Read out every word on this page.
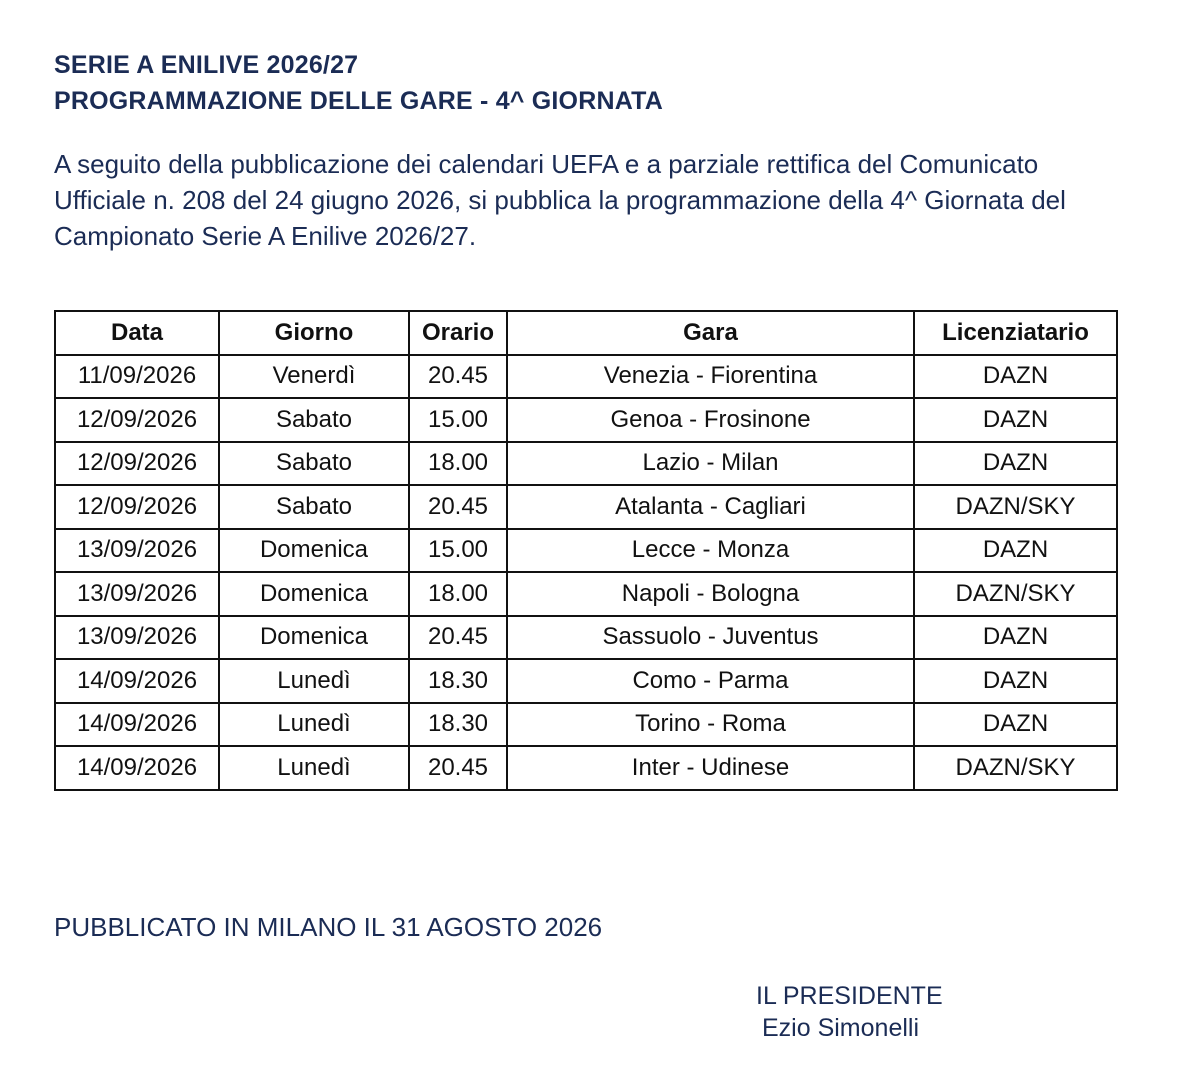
SERIE A ENILIVE 2026/27
PROGRAMMAZIONE DELLE GARE - 4^ GIORNATA

A seguito della pubblicazione dei calendari UEFA e a parziale rettifica del Comunicato

Ufficiale n. 208 del 24 giugno 2026, si pubblica la programmazione della 4^ Giornata del

Campionato Serie A Enilive 2026/27.

Data	Giorno	Orario	Gara	Licenziatario
11/09/2026	Venerdì	20.45	Venezia - Fiorentina	DAZN
12/09/2026	Sabato	15.00	Genoa - Frosinone	DAZN
12/09/2026	Sabato	18.00	Lazio - Milan	DAZN
12/09/2026	Sabato	20.45	Atalanta - Cagliari	DAZN/SKY
13/09/2026	Domenica	15.00	Lecce - Monza	DAZN
13/09/2026	Domenica	18.00	Napoli - Bologna	DAZN/SKY
13/09/2026	Domenica	20.45	Sassuolo - Juventus	DAZN
14/09/2026	Lunedì	18.30	Como - Parma	DAZN
14/09/2026	Lunedì	18.30	Torino - Roma	DAZN
14/09/2026	Lunedì	20.45	Inter - Udinese	DAZN/SKY
PUBBLICATO IN MILANO IL 31 AGOSTO 2026
IL PRESIDENTE
Ezio Simonelli
